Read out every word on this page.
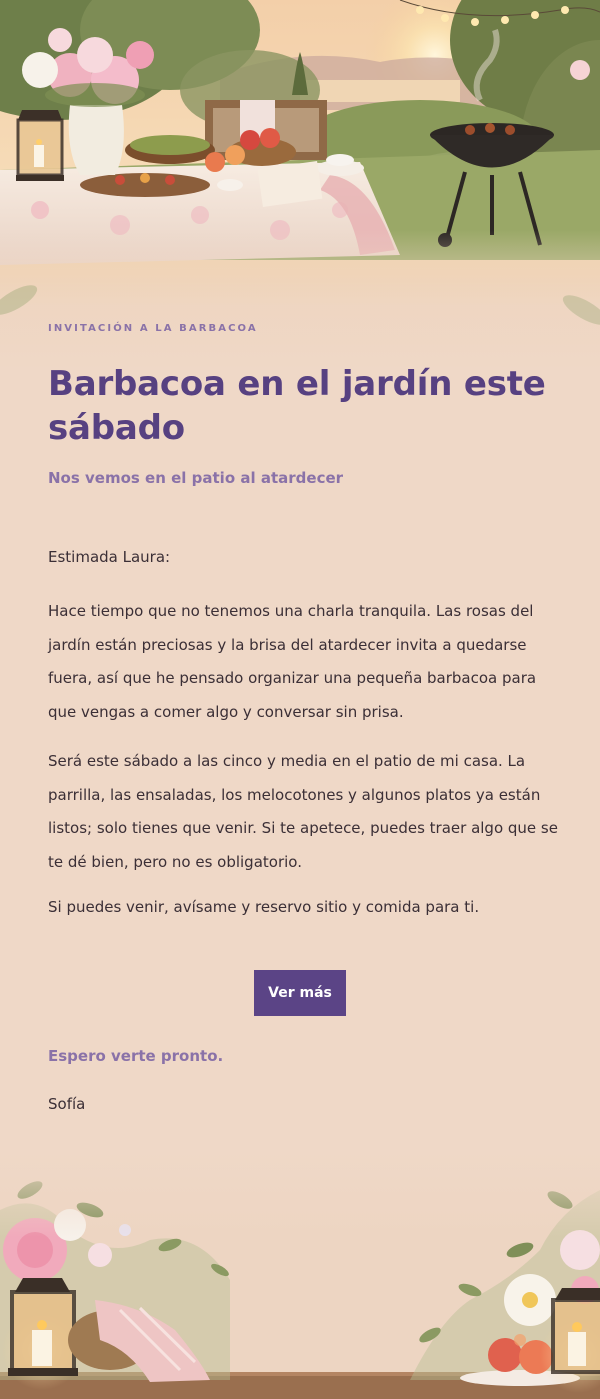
INVITACIÓN A LA BARBACOA
Barbacoa en el jardín este sábado
Nos vemos en el patio al atardecer

Estimada Laura:

Hace tiempo que no tenemos una charla tranquila. Las rosas del jardín están preciosas y la brisa del atardecer invita a quedarse fuera, así que he pensado organizar una pequeña barbacoa para que vengas a comer algo y conversar sin prisa.

Será este sábado a las cinco y media en el patio de mi casa. La parrilla, las ensaladas, los melocotones y algunos platos ya están listos; solo tienes que venir. Si te apetece, puedes traer algo que se te dé bien, pero no es obligatorio.

Si puedes venir, avísame y reservo sitio y comida para ti.

Ver más

Espero verte pronto.

Sofía
